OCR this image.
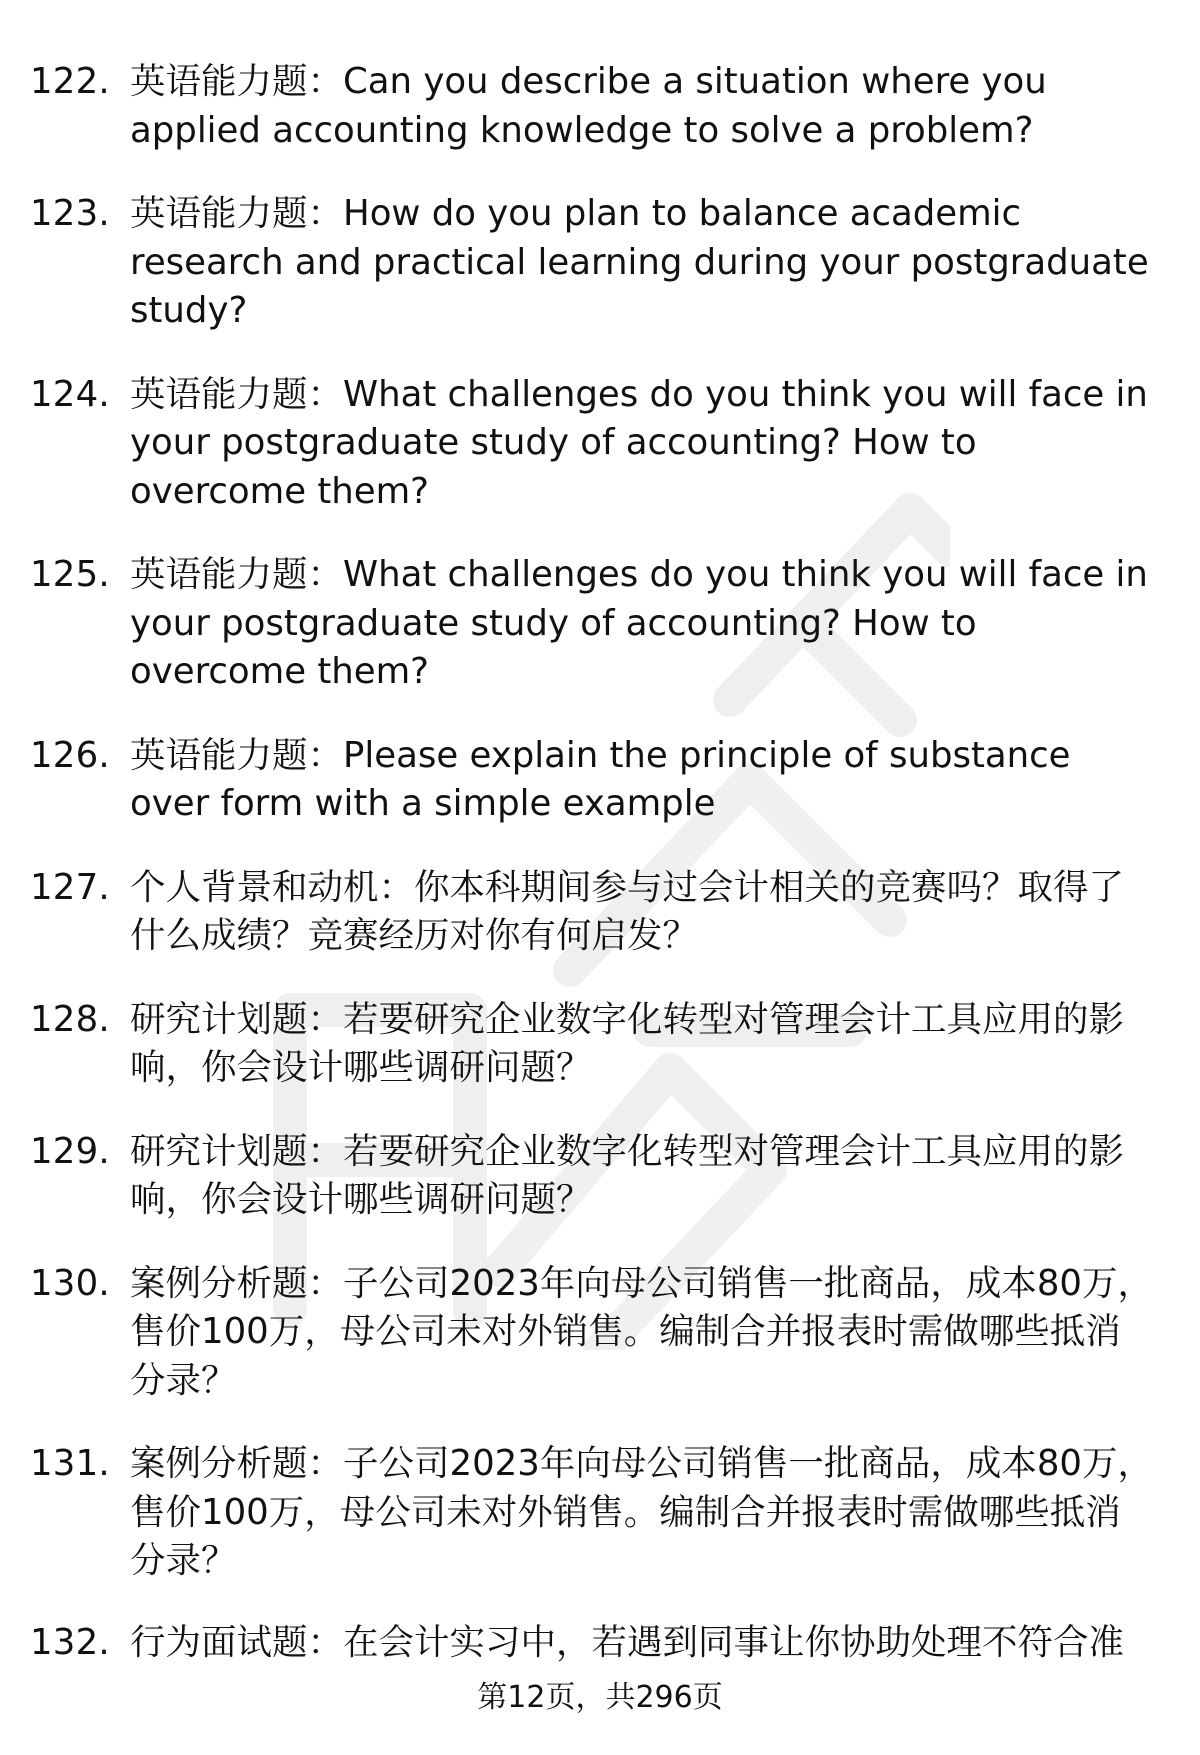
122. 英语能力题：Can you describe a situation where you applied accounting knowledge to solve a problem?
123. 英语能力题：How do you plan to balance academic research and practical learning during your postgraduate study?
124. 英语能力题：What challenges do you think you will face in your postgraduate study of accounting? How to overcome them?
125. 英语能力题：What challenges do you think you will face in your postgraduate study of accounting? How to overcome them?
126. 英语能力题：Please explain the principle of substance over form with a simple example
127. 个人背景和动机：你本科期间参与过会计相关的竞赛吗？取得了什么成绩？竞赛经历对你有何启发？
128. 研究计划题：若要研究企业数字化转型对管理会计工具应用的影响，你会设计哪些调研问题？
129. 研究计划题：若要研究企业数字化转型对管理会计工具应用的影响，你会设计哪些调研问题？
130. 案例分析题：子公司2023年向母公司销售一批商品，成本80万，售价100万，母公司未对外销售。编制合并报表时需做哪些抵消分录？
131. 案例分析题：子公司2023年向母公司销售一批商品，成本80万，售价100万，母公司未对外销售。编制合并报表时需做哪些抵消分录？
132. 行为面试题：在会计实习中，若遇到同事让你协助处理不符合准
第12页，共296页
